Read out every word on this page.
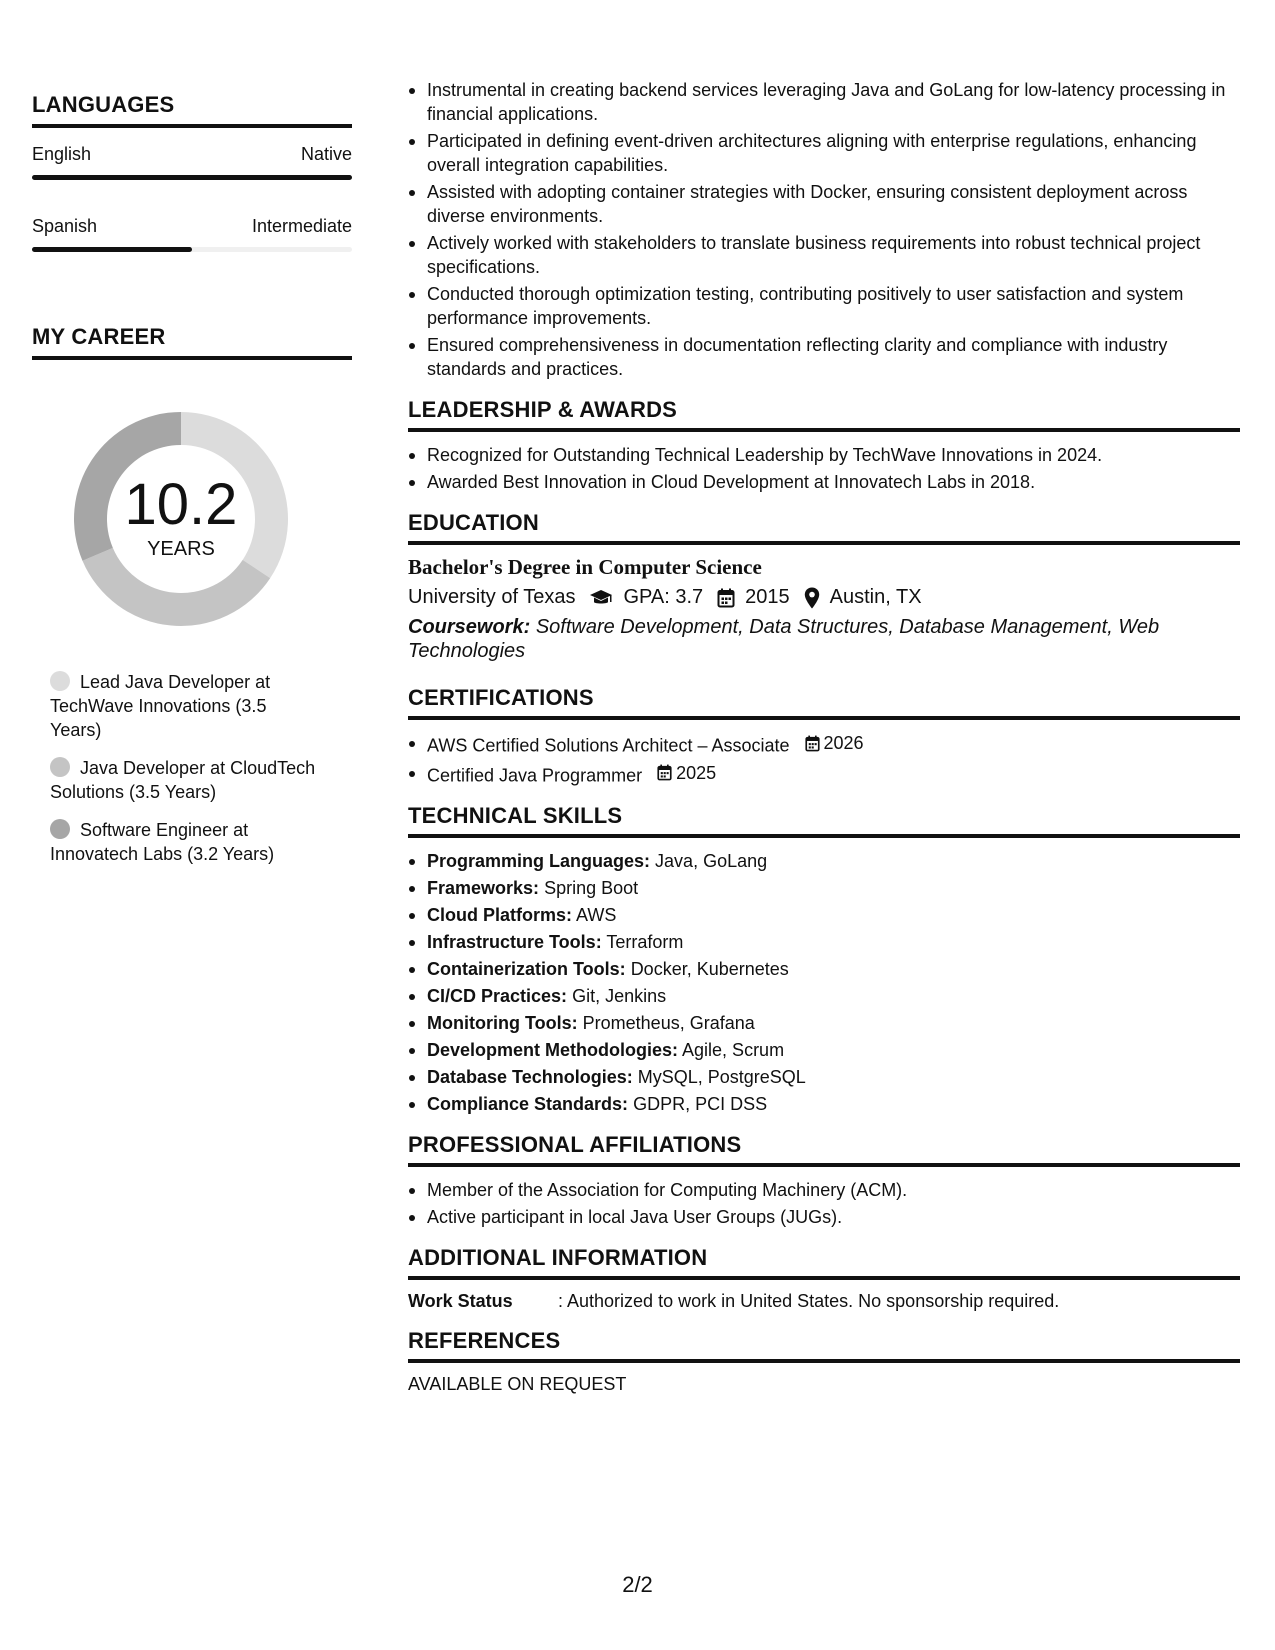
LANGUAGES
English	Native
Spanish	Intermediate
MY CAREER
10.2
YEARS
Lead Java Developer at TechWave Innovations (3.5 Years)
Java Developer at CloudTech Solutions (3.5 Years)
Software Engineer at Innovatech Labs (3.2 Years)
Instrumental in creating backend services leveraging Java and GoLang for low-latency processing in financial applications.
Participated in defining event-driven architectures aligning with enterprise regulations, enhancing overall integration capabilities.
Assisted with adopting container strategies with Docker, ensuring consistent deployment across diverse environments.
Actively worked with stakeholders to translate business requirements into robust technical project specifications.
Conducted thorough optimization testing, contributing positively to user satisfaction and system performance improvements.
Ensured comprehensiveness in documentation reflecting clarity and compliance with industry standards and practices.
LEADERSHIP & AWARDS
Recognized for Outstanding Technical Leadership by TechWave Innovations in 2024.
Awarded Best Innovation in Cloud Development at Innovatech Labs in 2018.
EDUCATION
Bachelor's Degree in Computer Science
University of Texas GPA: 3.7 2015 Austin, TX
Coursework: Software Development, Data Structures, Database Management, Web Technologies
CERTIFICATIONS
AWS Certified Solutions Architect – Associate 2026
Certified Java Programmer 2025
TECHNICAL SKILLS
Programming Languages: Java, GoLang
Frameworks: Spring Boot
Cloud Platforms: AWS
Infrastructure Tools: Terraform
Containerization Tools: Docker, Kubernetes
CI/CD Practices: Git, Jenkins
Monitoring Tools: Prometheus, Grafana
Development Methodologies: Agile, Scrum
Database Technologies: MySQL, PostgreSQL
Compliance Standards: GDPR, PCI DSS
PROFESSIONAL AFFILIATIONS
Member of the Association for Computing Machinery (ACM).
Active participant in local Java User Groups (JUGs).
ADDITIONAL INFORMATION
Work Status	: Authorized to work in United States. No sponsorship required.
REFERENCES
AVAILABLE ON REQUEST
2/2
